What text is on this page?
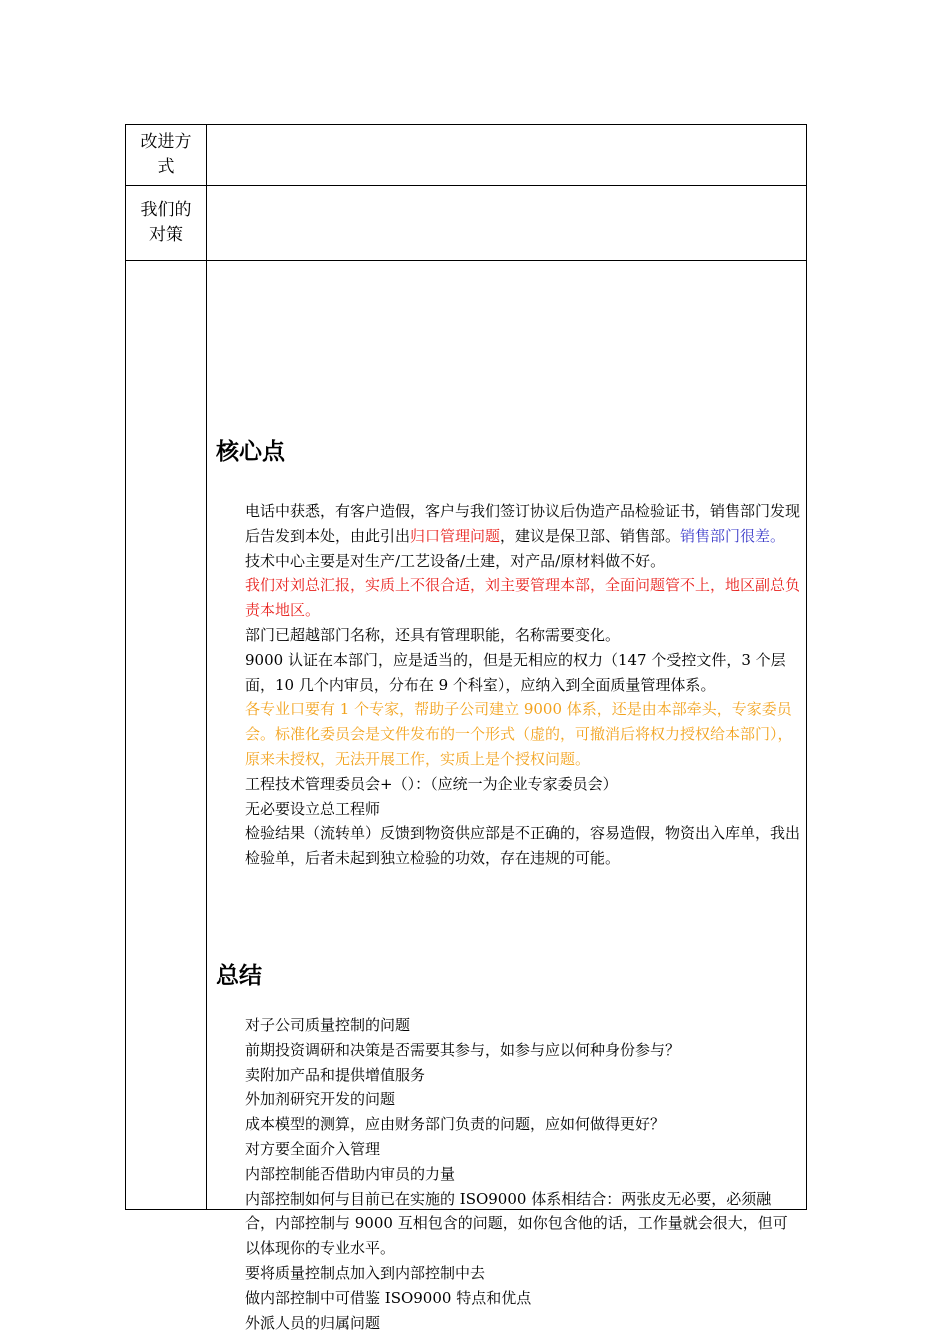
改进方式
我们的对策
核心点

电话中获悉，有客户造假，客户与我们签订协议后伪造产品检验证书，销售部门发现后告发到本处，由此引出归口管理问题，建议是保卫部、销售部。销售部门很差。

技术中心主要是对生产/工艺设备/土建，对产品/原材料做不好。

我们对刘总汇报，实质上不很合适，刘主要管理本部，全面问题管不上，地区副总负责本地区。

部门已超越部门名称，还具有管理职能，名称需要变化。

9000 认证在本部门，应是适当的，但是无相应的权力（147 个受控文件，3 个层面，10 几个内审员，分布在 9 个科室），应纳入到全面质量管理体系。

各专业口要有 1 个专家，帮助子公司建立 9000 体系，还是由本部牵头，专家委员会。标准化委员会是文件发布的一个形式（虚的，可撤消后将权力授权给本部门），原来未授权，无法开展工作，实质上是个授权问题。

工程技术管理委员会+（）：（应统一为企业专家委员会）

无必要设立总工程师

检验结果（流转单）反馈到物资供应部是不正确的，容易造假，物资出入库单，我出检验单，后者未起到独立检验的功效，存在违规的可能。

总结

对子公司质量控制的问题

前期投资调研和决策是否需要其参与，如参与应以何种身份参与？

卖附加产品和提供增值服务

外加剂研究开发的问题

成本模型的测算，应由财务部门负责的问题，应如何做得更好？

对方要全面介入管理

内部控制能否借助内审员的力量

内部控制如何与目前已在实施的 ISO9000 体系相结合：两张皮无必要，必须融合，内部控制与 9000 互相包含的问题，如你包含他的话，工作量就会很大，但可以体现你的专业水平。

要将质量控制点加入到内部控制中去

做内部控制中可借鉴 ISO9000 特点和优点

外派人员的归属问题
